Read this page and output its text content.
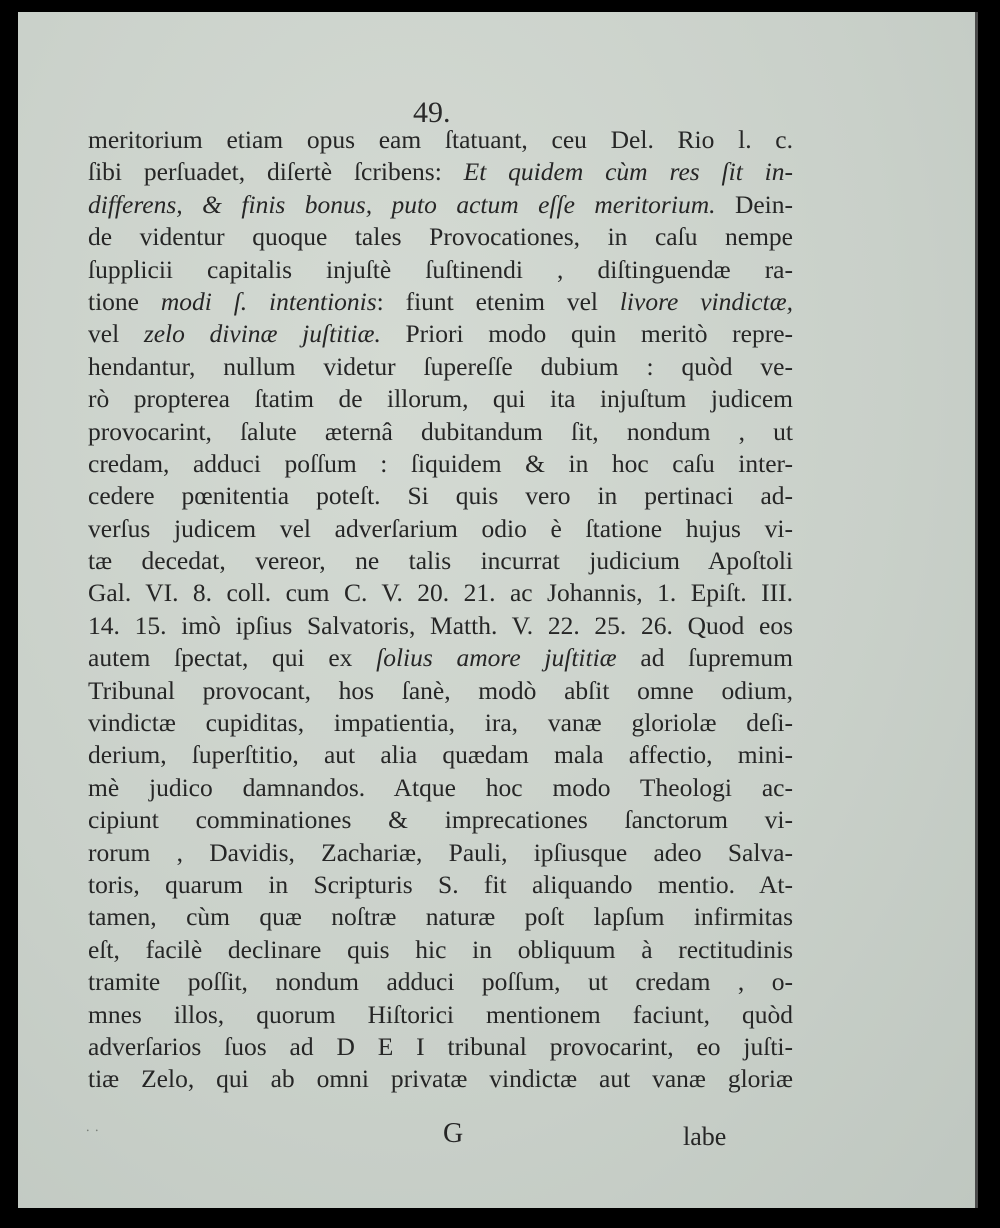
49.
meritorium etiam opus eam ſtatuant, ceu Del. Rio l. c.
ſibi perſuadet, diſertè ſcribens: Et quidem cùm res ſit in-
differens, & finis bonus, puto actum eſſe meritorium. Dein-
de videntur quoque tales Provocationes, in caſu nempe
ſupplicii capitalis injuſtè ſuſtinendi , diſtinguendæ ra-
tione modi ſ. intentionis: fiunt etenim vel livore vindictæ,
vel zelo divinæ juſtitiæ. Priori modo quin meritò repre-
hendantur, nullum videtur ſupereſſe dubium : quòd ve-
rò propterea ſtatim de illorum, qui ita injuſtum judicem
provocarint, ſalute æternâ dubitandum ſit, nondum , ut
credam, adduci poſſum : ſiquidem & in hoc caſu inter-
cedere pœnitentia poteſt. Si quis vero in pertinaci ad-
verſus judicem vel adverſarium odio è ſtatione hujus vi-
tæ decedat, vereor, ne talis incurrat judicium Apoſtoli
Gal. VI. 8. coll. cum C. V. 20. 21. ac Johannis, 1. Epiſt. III.
14. 15. imò ipſius Salvatoris, Matth. V. 22. 25. 26. Quod eos
autem ſpectat, qui ex ſolius amore juſtitiæ ad ſupremum
Tribunal provocant, hos ſanè, modò abſit omne odium,
vindictæ cupiditas, impatientia, ira, vanæ gloriolæ deſi-
derium, ſuperſtitio, aut alia quædam mala affectio, mini-
mè judico damnandos. Atque hoc modo Theologi ac-
cipiunt comminationes & imprecationes ſanctorum vi-
rorum , Davidis, Zachariæ, Pauli, ipſiusque adeo Salva-
toris, quarum in Scripturis S. fit aliquando mentio. At-
tamen, cùm quæ noſtræ naturæ poſt lapſum infirmitas
eſt, facilè declinare quis hic in obliquum à rectitudinis
tramite poſſit, nondum adduci poſſum, ut credam , o-
mnes illos, quorum Hiſtorici mentionem faciunt, quòd
adverſarios ſuos ad D E I tribunal provocarint, eo juſti-
tiæ Zelo, qui ab omni privatæ vindictæ aut vanæ gloriæ
∙ ∙	G	labe
